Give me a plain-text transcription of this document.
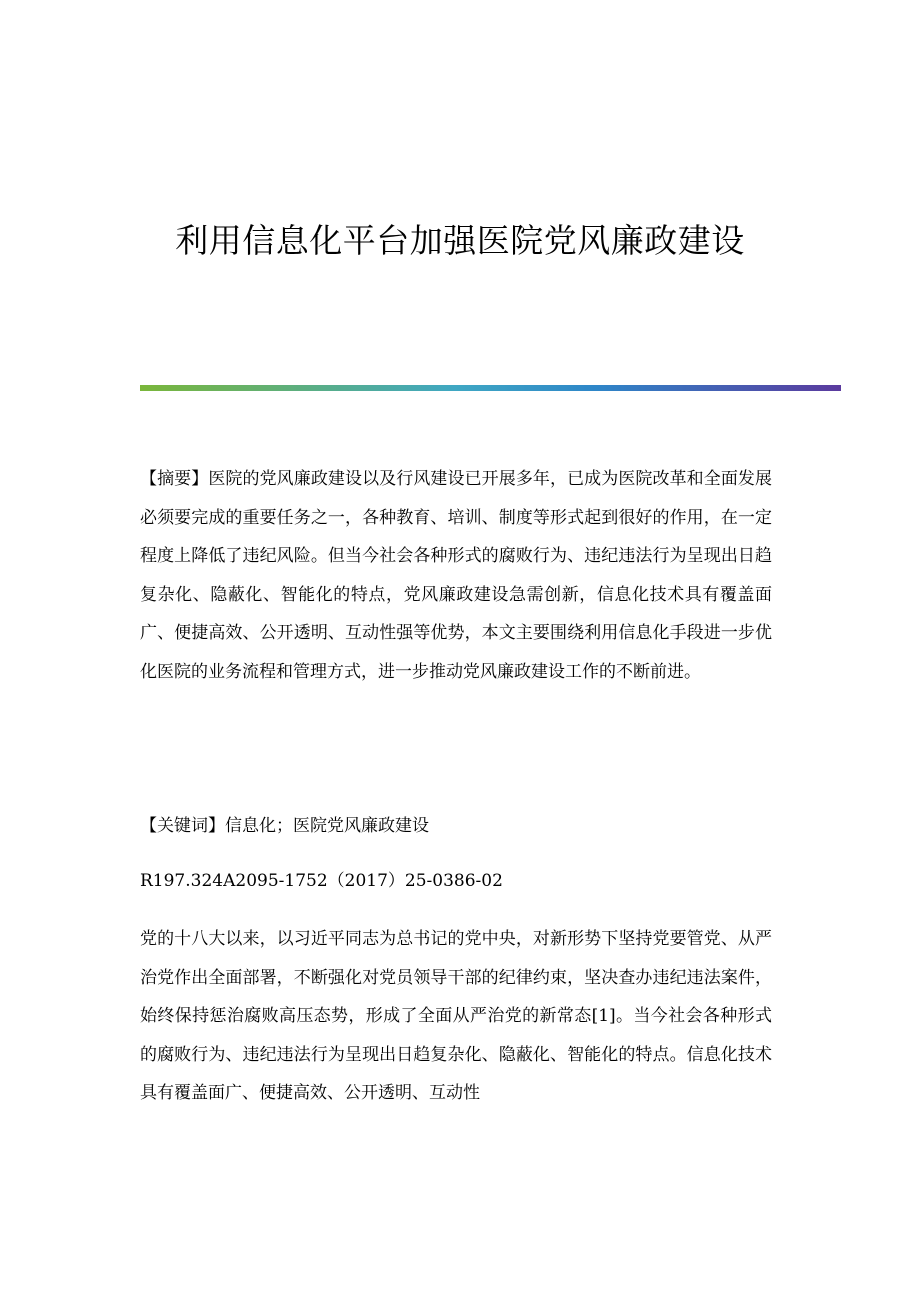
利用信息化平台加强医院党风廉政建设

【摘要】医院的党风廉政建设以及行风建设已开展多年，已成为医院改革和全面发展必须要完成的重要任务之一，各种教育、培训、制度等形式起到很好的作用，在一定程度上降低了违纪风险。但当今社会各种形式的腐败行为、违纪违法行为呈现出日趋复杂化、隐蔽化、智能化的特点，党风廉政建设急需创新，信息化技术具有覆盖面广、便捷高效、公开透明、互动性强等优势，本文主要围绕利用信息化手段进一步优化医院的业务流程和管理方式，进一步推动党风廉政建设工作的不断前进。

【关键词】信息化；医院党风廉政建设

R197.324A2095-1752（2017）25-0386-02

党的十八大以来，以习近平同志为总书记的党中央，对新形势下坚持党要管党、从严治党作出全面部署，不断强化对党员领导干部的纪律约束，坚决查办违纪违法案件，始终保持惩治腐败高压态势，形成了全面从严治党的新常态[1]。当今社会各种形式的腐败行为、违纪违法行为呈现出日趋复杂化、隐蔽化、智能化的特点。信息化技术具有覆盖面广、便捷高效、公开透明、互动性
